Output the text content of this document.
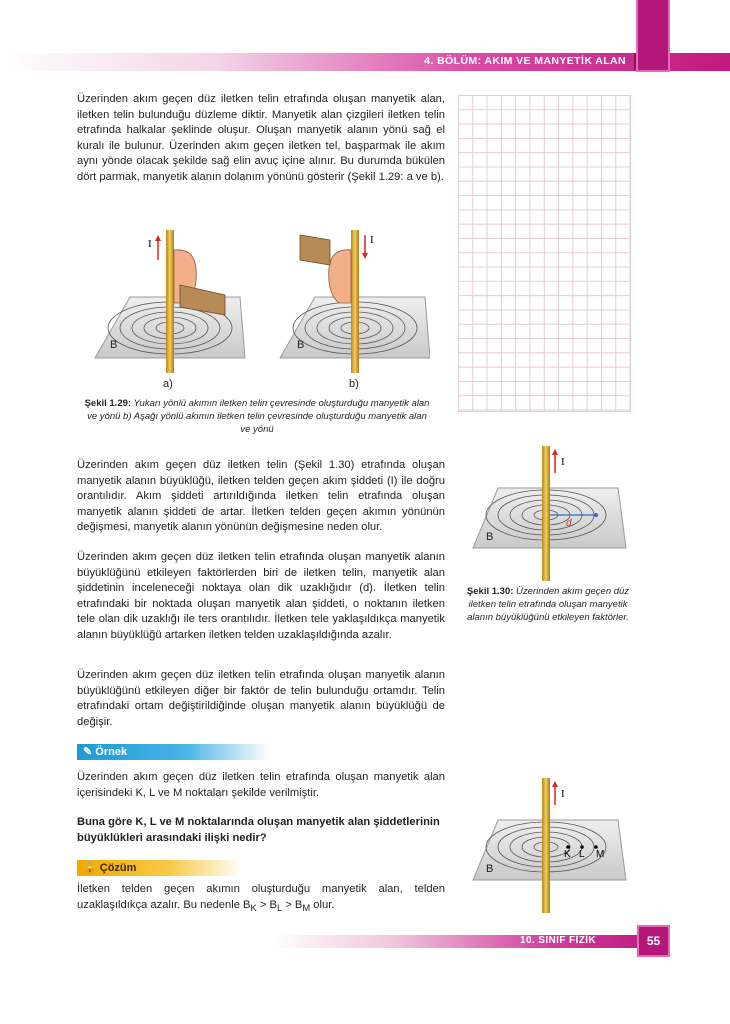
4. BÖLÜM: AKIM VE MANYETİK ALAN
Üzerinden akım geçen düz iletken telin etrafında oluşan manyetik alan, iletken telin bulunduğu düzleme diktir. Manyetik alan çizgileri iletken telin etrafında halkalar şeklinde oluşur. Oluşan manyetik alanın yönü sağ el kuralı ile bulunur. Üzerinden akım geçen iletken tel, başparmak ile akım aynı yönde olacak şekilde sağ elin avuç içine alınır. Bu durumda bükülen dört parmak, manyetik alanın dolanım yönünü gösterir (Şekil 1.29: a ve b).
I
B
I
B
a)	b)
Şekil 1.29: Yukarı yönlü akımın iletken telin çevresinde oluşturduğu manyetik alan ve yönü b) Aşağı yönlü akımın iletken telin çevresinde oluşturduğu manyetik alan ve yönü
Üzerinden akım geçen düz iletken telin (Şekil 1.30) etrafında oluşan manyetik alanın büyüklüğü, iletken telden geçen akım şiddeti (I) ile doğru orantılıdır. Akım şiddeti artırıldığında iletken telin etrafında oluşan manyetik alanın şiddeti de artar. İletken telden geçen akımın yönünün değişmesi, manyetik alanın yönünün değişmesine neden olur.
Üzerinden akım geçen düz iletken telin etrafında oluşan manyetik alanın büyüklüğünü etkileyen faktörlerden biri de iletken telin, manyetik alan şiddetinin inceleneceği noktaya olan dik uzaklığıdır (d). İletken telin etrafındaki bir noktada oluşan manyetik alan şiddeti, o noktanın iletken tele olan dik uzaklığı ile ters orantılıdır. İletken tele yaklaşıldıkça manyetik alanın büyüklüğü artarken iletken telden uzaklaşıldığında azalır.
Üzerinden akım geçen düz iletken telin etrafında oluşan manyetik alanın büyüklüğünü etkileyen diğer bir faktör de telin bulunduğu ortamdır. Telin etrafındaki ortam değiştirildiğinde oluşan manyetik alanın büyüklüğü de değişir.
d
I
B
Şekil 1.30: Üzerinden akım geçen düz iletken telin etrafında oluşan manyetik alanın büyüklüğünü etkileyen faktörler.
✎ Örnek
Üzerinden akım geçen düz iletken telin etrafında oluşan manyetik alan içerisindeki K, L ve M noktaları şekilde verilmiştir.
Buna göre K, L ve M noktalarında oluşan manyetik alan şiddetlerinin büyüklükleri arasındaki ilişki nedir?
K L M
I
B
🔓 Çözüm
İletken telden geçen akımın oluşturduğu manyetik alan, telden uzaklaşıldıkça azalır. Bu nedenle $B_K > B_L > B_M$ olur.
10. SINIF FİZİK	55
